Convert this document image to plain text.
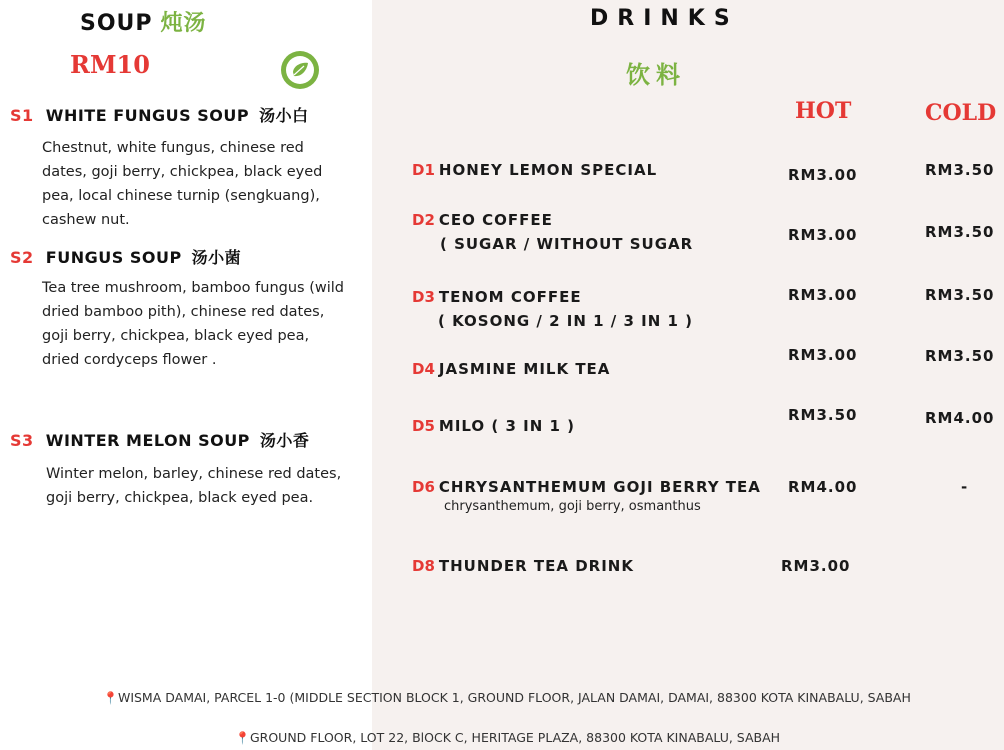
SOUP 炖汤
RM10
S1 WHITE FUNGUS SOUP 汤小白
Chestnut, white fungus, chinese red dates, goji berry, chickpea, black eyed pea, local chinese turnip (sengkuang), cashew nut.
S2 FUNGUS SOUP 汤小菌
Tea tree mushroom, bamboo fungus (wild dried bamboo pith), chinese red dates, goji berry, chickpea, black eyed pea, dried cordyceps flower .
S3 WINTER MELON SOUP 汤小香
Winter melon, barley, chinese red dates, goji berry, chickpea, black eyed pea.
DRINKS
饮料
HOT	COLD
D1 HONEY LEMON SPECIAL	RM3.00	RM3.50
D2 CEO COFFEE
( SUGAR / WITHOUT SUGAR	RM3.00	RM3.50
D3 TENOM COFFEE
( KOSONG / 2 IN 1 / 3 IN 1 )
RM3.00	RM3.50
D4 JASMINE MILK TEA
RM3.00	RM3.50
D5 MILO ( 3 IN 1 )
RM3.50	RM4.00
D6 CHRYSANTHEMUM GOJI BERRY TEA
chrysanthemum, goji berry, osmanthus
RM4.00	-
D8 THUNDER TEA DRINK	RM3.00
📍WISMA DAMAI, PARCEL 1-0 (MIDDLE SECTION BLOCK 1, GROUND FLOOR, JALAN DAMAI, DAMAI, 88300 KOTA KINABALU, SABAH
📍GROUND FLOOR, LOT 22, BlOCK C, HERITAGE PLAZA, 88300 KOTA KINABALU, SABAH
